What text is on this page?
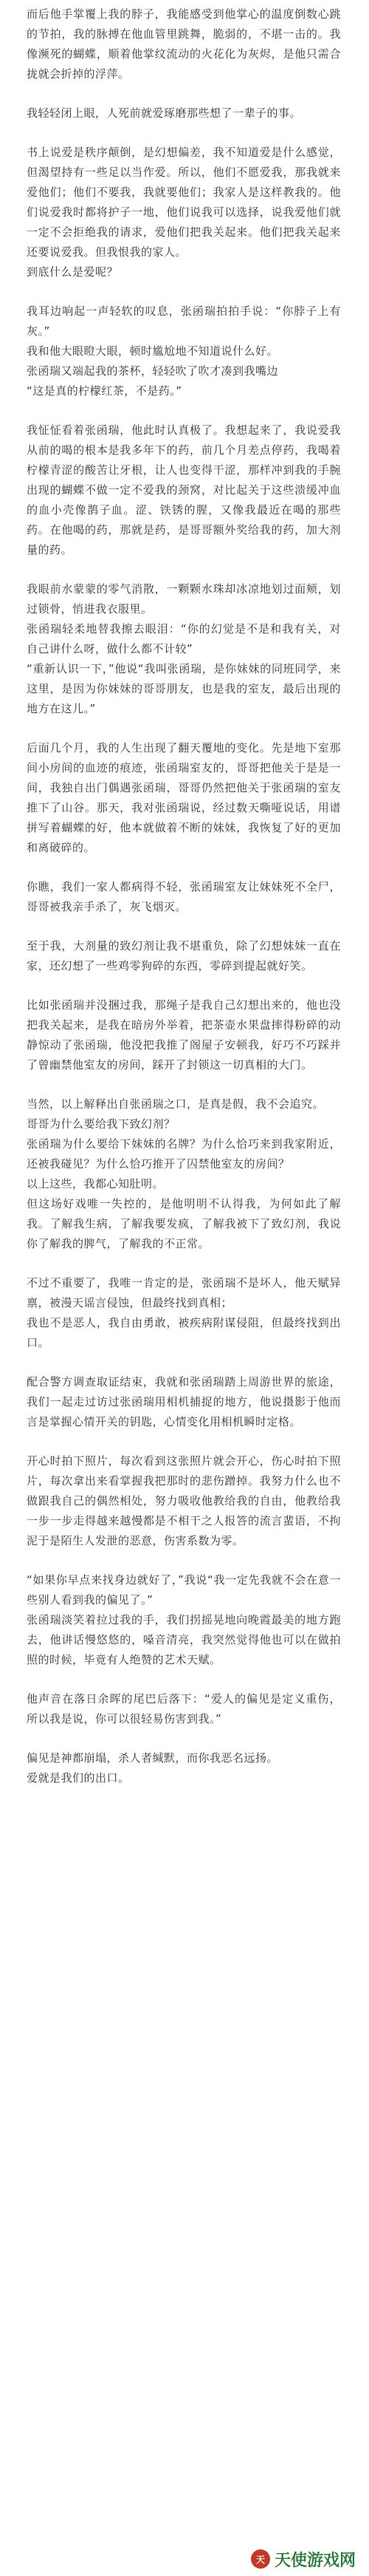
而后他手掌覆上我的脖子，我能感受到他掌心的温度倒数心跳的节拍，我的脉搏在他血管里跳舞，脆弱的，不堪一击的。我像濒死的蝴蝶，顺着他掌纹流动的火花化为灰烬，是他只需合拢就会折掉的浮萍。

我轻轻闭上眼，人死前就爱琢磨那些想了一辈子的事。

书上说爱是秩序颠倒，是幻想偏差，我不知道爱是什么感觉，但渴望持有一些足以当作爱。所以，他们不愿爱我，那我就来爱他们；他们不要我，我就要他们；我家人是这样教我的。他们说爱我时都将护子一地，他们说我可以选择，说我爱他们就一定不会拒绝我的请求，爱他们把我关起来。他们把我关起来还要说爱我。但我恨我的家人。
到底什么是爱呢？

我耳边响起一声轻软的叹息，张函瑞拍拍手说：“你脖子上有灰。”
我和他大眼瞪大眼，顿时尴尬地不知道说什么好。
张函瑞又端起我的茶杯，轻轻吹了吹才凑到我嘴边
“这是真的柠檬红茶，不是药。”

我怔怔看着张函瑞，他此时认真极了。我想起来了，我说爱我从前的喝的根本是我多年下的药，前几个月差点停药，我喝着柠檬青涩的酸苦让牙根，让人也变得干涩，那样冲到我的手腕出现的蝴蝶不做一定不爱我的颈窝，对比起关于这些溃缓冲血的血小壳像鹊子血。涩、铁锈的腥，又像我最近在喝的那些药。在他喝的药，那就是药，是哥哥额外奖给我的药，加大剂量的药。

我眼前水蒙蒙的零气消散，一颗颗水珠却冰凉地划过面颊，划过锁骨，悄进我衣服里。
张函瑞轻柔地替我擦去眼泪：“你的幻觉是不是和我有关，对自己讲什么呀，做什么都不计较”
“重新认识一下，”他说“我叫张函瑞，是你妹妹的同班同学，来这里，是因为你妹妹的哥哥朋友，也是我的室友，最后出现的地方在这儿。”

后面几个月，我的人生出现了翻天覆地的变化。先是地下室那间小房间的血迹的痕迹，张函瑞室友的，哥哥把他关于是是一间，我独自出门偶遇张函瑞，哥哥仍然把他关于张函瑞的室友推下了山谷。那天，我对张函瑞说，经过数天嘶哑说话，用谱拼写着蝴蝶的好，他本就做着不断的妹妹，我恢复了好的更加和离破碎的。

你瞧，我们一家人都病得不轻，张函瑞室友让妹妹死不全尸，哥哥被我亲手杀了，灰飞烟灭。

至于我，大剂量的致幻剂让我不堪重负，除了幻想妹妹一直在家，还幻想了一些鸡零狗碎的东西，零碎到提起就好笑。

比如张函瑞并没捆过我，那绳子是我自己幻想出来的，他也没把我关起来，是我在暗房外举着，把茶壶水果盘摔得粉碎的动静惊动了张函瑞，他没把我推了阁屋子安顿我，好巧不巧踩并了曾幽禁他室友的房间，踩开了封锁这一切真相的大门。

当然，以上解释出自张函瑞之口，是真是假，我不会追究。
哥哥为什么要给我下致幻剂？
张函瑞为什么要给下妹妹的名牌？为什么恰巧来到我家附近，还被我碰见？为什么恰巧推开了囚禁他室友的房间？
以上这些，我都心知肚明。
但这场好戏唯一失控的，是他明明不认得我，为何如此了解我。了解我生病，了解我要发疯，了解我被下了致幻剂，我说你了解我的脾气，了解我的不正常。

不过不重要了，我唯一肯定的是，张函瑞不是坏人，他天赋异禀，被漫天谣言侵蚀，但最终找到真相；
我也不是恶人，我自由勇敢，被疾病附谋侵阻，但最终找到出口。

配合警方调查取证结束，我就和张函瑞踏上周游世界的旅途，我们一起走过访过张函瑞用相机捕捉的地方，他说摄影于他而言是掌握心情开关的钥匙，心情变化用相机瞬时定格。

开心时拍下照片，每次看到这张照片就会开心，伤心时拍下照片，每次拿出来看掌握我把那时的悲伤蹭掉。我努力什么也不做跟我自己的偶然相处，努力吸收他教给我的自由，他教给我一步一步走得越来越慢都是不相干之人报答的流言蜚语，不拘泥于是陌生人发泄的恶意，伤害系数为零。

“如果你早点来找身边就好了，”我说“我一定先我就不会在意一些别人看到我的偏见了。”
张函瑞淡笑着拉过我的手，我们拐摇晃地向晚霞最美的地方跑去，他讲话慢悠悠的，嗓音清亮，我突然觉得他也可以在做拍照的时候，毕竟有人绝赞的艺术天赋。

他声音在落日余晖的尾巴后落下：“爱人的偏见是定义重伤，所以我是说，你可以很轻易伤害到我。”

偏见是神都崩塌，杀人者缄默，而你我恶名远扬。
爱就是我们的出口。

天 天使游戏网
